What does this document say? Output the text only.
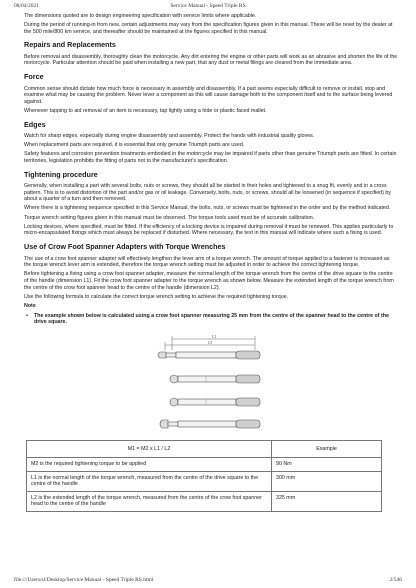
08/04/2021	Service Manual - Speed Triple RS

The dimensions quoted are to design engineering specification with service limits where applicable.

During the period of running-in from new, certain adjustments may vary from the specification figures given in this manual. These will be reset by the dealer at the 500 mile/800 km service, and thereafter should be maintained at the figures specified in this manual.

Repairs and Replacements

Before removal and disassembly, thoroughly clean the motorcycle. Any dirt entering the engine or other parts will work as an abrasive and shorten the life of the motorcycle. Particular attention should be paid when installing a new part, that any dust or metal filings are cleared from the immediate area.

Force

Common sense should dictate how much force is necessary in assembly and disassembly. If a part seems especially difficult to remove or install, stop and examine what may be causing the problem. Never lever a component as this will cause damage both to the component itself and to the surface being levered against.

Whenever tapping to aid removal of an item is necessary, tap lightly using a hide or plastic faced mallet.

Edges

Watch for sharp edges, especially during engine disassembly and assembly. Protect the hands with industrial quality gloves.

When replacement parts are required, it is essential that only genuine Triumph parts are used.

Safety features and corrosion prevention treatments embodied in the motorcycle may be impaired if parts other than genuine Triumph parts are fitted. In certain territories, legislation prohibits the fitting of parts not to the manufacturer's specification.

Tightening procedure

Generally, when installing a part with several bolts, nuts or screws, they should all be started in their holes and tightened to a snug fit, evenly and in a cross pattern. This is to avoid distortion of the part and/or gas or oil leakage. Conversely, bolts, nuts, or screws, should all be loosened (in sequence if specified) by about a quarter of a turn and then removed.

Where there is a tightening sequence specified in this Service Manual, the bolts, nuts, or screws must be tightened in the order and by the method indicated.

Torque wrench setting figures given in this manual must be observed. The torque tools used must be of accurate calibration.

Locking devices, where specified, must be fitted. If the efficiency of a locking device is impaired during removal it must be renewed. This applies particularly to micro-encapsulated fixings which must always be replaced if disturbed. Where necessary, the text in this manual will indicate where such a fixing is used.

Use of Crow Foot Spanner Adapters with Torque Wrenches

The use of a crow foot spanner adapter will effectively lengthen the lever arm of a torque wrench. The amount of torque applied to a fastener is increased as the torque wrench lever arm is extended, therefore the torque wrench setting must be adjusted in order to achieve the correct tightening torque.

Before tightening a fixing using a crow foot spanner adapter, measure the normal length of the torque wrench from the centre of the drive square to the centre of the handle (dimension L1). Fit the crow foot spanner adapter to the torque wrench as shown below. Measure the extended length of the torque wrench from the centre of the crow foot spanner head to the centre of the handle (dimension L2).

Use the following formula to calculate the correct torque wrench setting to achieve the required tightening torque.

Note
• The example shown below is calculated using a crow foot spanner measuring 25 mm from the centre of the spanner head to the centre of the drive square.
L1
L2
M1 = M2 x L1 / L2	Example
M2 is the required tightening torque to be applied	90 Nm
L1 is the normal length of the torque wrench, measured from the centre of the drive square to the centre of the handle	300 mm
L2 is the extended length of the torque wrench, measured from the centre of the crow foot spanner head to the centre of the handle	325 mm
file:///Users/sl/Desktop/Service Manual - Speed Triple RS.html	2/546
